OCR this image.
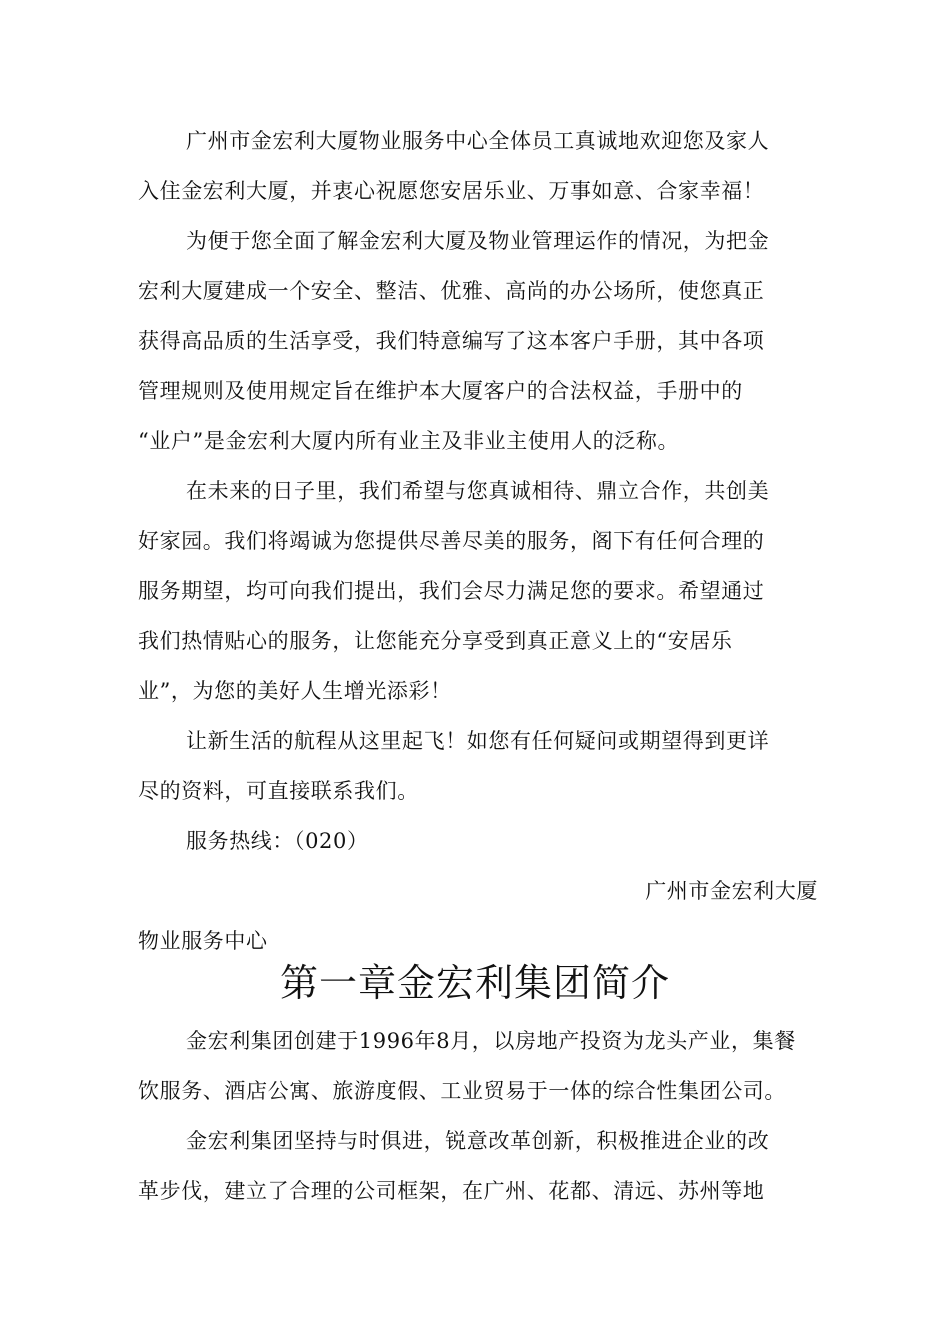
广州市金宏利大厦物业服务中心全体员工真诚地欢迎您及家人
入住金宏利大厦，并衷心祝愿您安居乐业、万事如意、合家幸福！
为便于您全面了解金宏利大厦及物业管理运作的情况，为把金
宏利大厦建成一个安全、整洁、优雅、高尚的办公场所，使您真正
获得高品质的生活享受，我们特意编写了这本客户手册，其中各项
管理规则及使用规定旨在维护本大厦客户的合法权益，手册中的
“业户”是金宏利大厦内所有业主及非业主使用人的泛称。
在未来的日子里，我们希望与您真诚相待、鼎立合作，共创美
好家园。我们将竭诚为您提供尽善尽美的服务，阁下有任何合理的
服务期望，均可向我们提出，我们会尽力满足您的要求。希望通过
我们热情贴心的服务，让您能充分享受到真正意义上的“安居乐
业”，为您的美好人生增光添彩！
让新生活的航程从这里起飞！如您有任何疑问或期望得到更详
尽的资料，可直接联系我们。
服务热线：（020）
广州市金宏利大厦
物业服务中心
第一章金宏利集团简介
金宏利集团创建于1996年8月，以房地产投资为龙头产业，集餐
饮服务、酒店公寓、旅游度假、工业贸易于一体的综合性集团公司。
金宏利集团坚持与时俱进，锐意改革创新，积极推进企业的改
革步伐，建立了合理的公司框架，在广州、花都、清远、苏州等地
